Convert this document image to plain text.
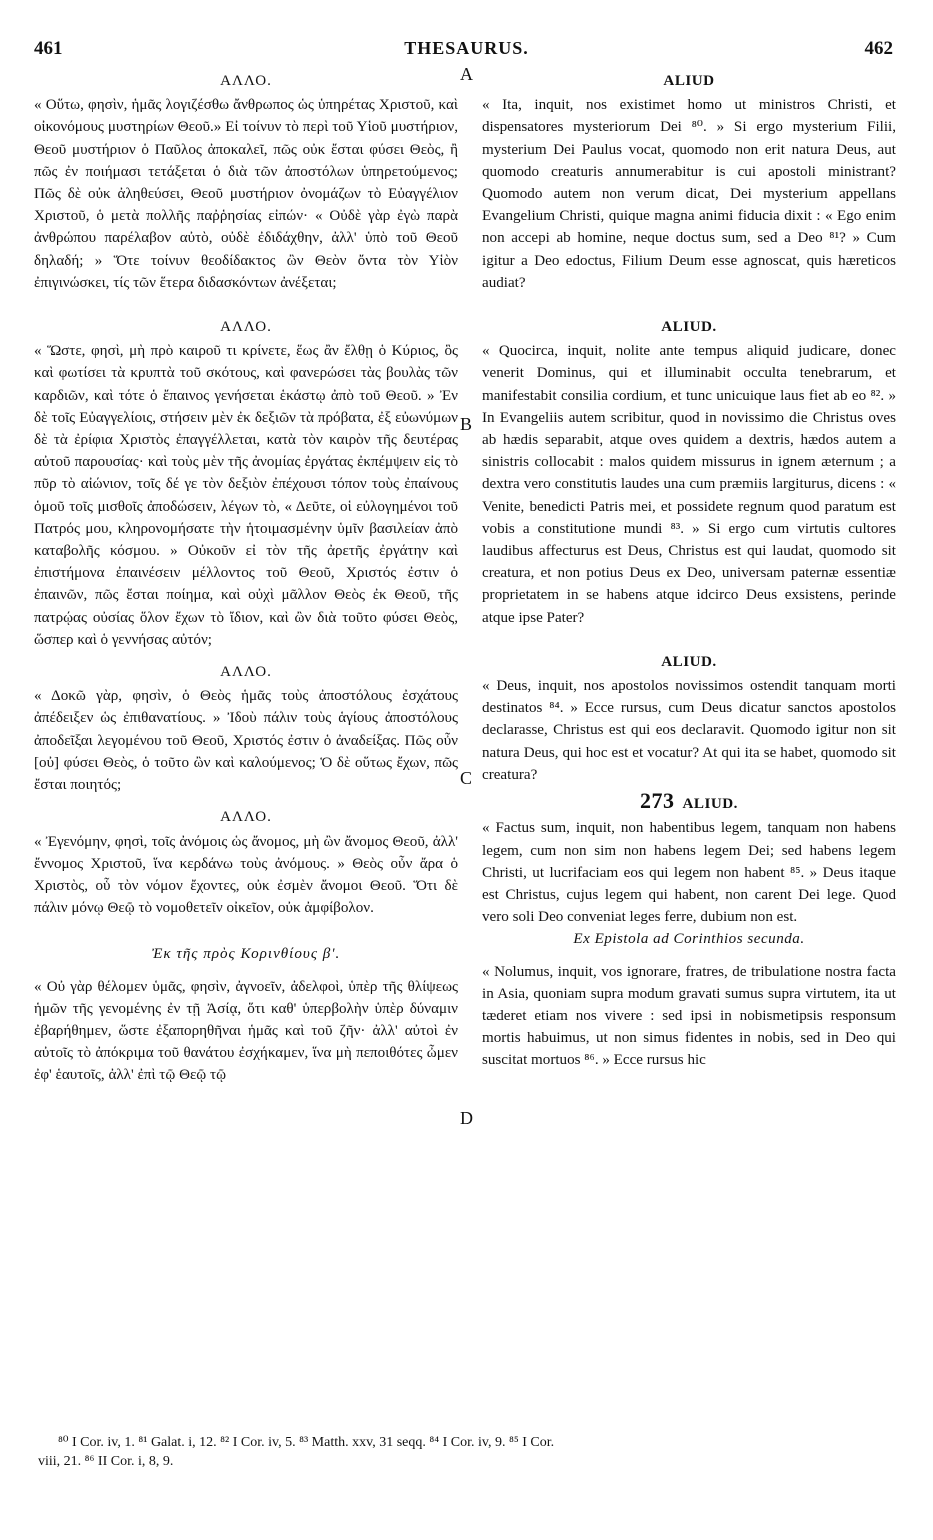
461	THESAURUS.	462
ΑΛΛΟ.

« Οὕτω, φησὶν, ἡμᾶς λογιζέσθω ἄνθρωπος ὡς ὑπηρέτας Χριστοῦ, καὶ οἰκονόμους μυστηρίων Θεοῦ.» Εἰ τοίνυν τὸ περὶ τοῦ Υἱοῦ μυστήριον, Θεοῦ μυστήριον ὁ Παῦλος ἀποκαλεῖ, πῶς οὐκ ἔσται φύσει Θεὸς, ἢ πῶς ἐν ποιήμασι τετάξεται ὁ διὰ τῶν ἀποστόλων ὑπηρετούμενος; Πῶς δὲ οὐκ ἀληθεύσει, Θεοῦ μυστήριον ὀνομάζων τὸ Εὐαγγέλιον Χριστοῦ, ὁ μετὰ πολλῆς παῤῥησίας εἰπών· « Οὐδὲ γὰρ ἐγὼ παρὰ ἀνθρώπου παρέλαβον αὐτὸ, οὐδὲ ἐδιδάχθην, ἀλλ' ὑπὸ τοῦ Θεοῦ δηλαδή; » Ὅτε τοίνυν θεοδίδακτος ὢν Θεὸν ὄντα τὸν Υἱὸν ἐπιγινώσκει, τίς τῶν ἕτερα διδασκόντων ἀνέξεται;

ΑΛΛΟ.

« Ὥστε, φησὶ, μὴ πρὸ καιροῦ τι κρίνετε, ἕως ἂν ἔλθῃ ὁ Κύριος, ὃς καὶ φωτίσει τὰ κρυπτὰ τοῦ σκότους, καὶ φανερώσει τὰς βουλὰς τῶν καρδιῶν, καὶ τότε ὁ ἔπαινος γενήσεται ἑκάστῳ ἀπὸ τοῦ Θεοῦ. » Ἐν δὲ τοῖς Εὐαγγελίοις, στήσειν μὲν ἐκ δεξιῶν τὰ πρόβατα, ἐξ εὐωνύμων δὲ τὰ ἐρίφια Χριστὸς ἐπαγγέλλεται, κατὰ τὸν καιρὸν τῆς δευτέρας αὐτοῦ παρουσίας· καὶ τοὺς μὲν τῆς ἀνομίας ἐργάτας ἐκπέμψειν εἰς τὸ πῦρ τὸ αἰώνιον, τοῖς δέ γε τὸν δεξιὸν ἐπέχουσι τόπον τοὺς ἐπαίνους ὁμοῦ τοῖς μισθοῖς ἀποδώσειν, λέγων τὸ, « Δεῦτε, οἱ εὐλογημένοι τοῦ Πατρός μου, κληρονομήσατε τὴν ἡτοιμασμένην ὑμῖν βασιλείαν ἀπὸ καταβολῆς κόσμου. » Οὐκοῦν εἰ τὸν τῆς ἀρετῆς ἐργάτην καὶ ἐπιστήμονα ἐπαινέσειν μέλλοντος τοῦ Θεοῦ, Χριστός ἐστιν ὁ ἐπαινῶν, πῶς ἔσται ποίημα, καὶ οὐχὶ μᾶλλον Θεὸς ἐκ Θεοῦ, τῆς πατρῴας οὐσίας ὅλον ἔχων τὸ ἴδιον, καὶ ὢν διὰ τοῦτο φύσει Θεὸς, ὥσπερ καὶ ὁ γεννήσας αὐτόν;

ΑΛΛΟ.

« Δοκῶ γὰρ, φησὶν, ὁ Θεὸς ἡμᾶς τοὺς ἀποστόλους ἐσχάτους ἀπέδειξεν ὡς ἐπιθανατίους. » Ἰδοὺ πάλιν τοὺς ἁγίους ἀποστόλους ἀποδεῖξαι λεγομένου τοῦ Θεοῦ, Χριστός ἐστιν ὁ ἀναδείξας. Πῶς οὖν [οὐ] φύσει Θεὸς, ὁ τοῦτο ὢν καὶ καλούμενος; Ὁ δὲ οὕτως ἔχων, πῶς ἔσται ποιητός;

ΑΛΛΟ.

« Ἐγενόμην, φησὶ, τοῖς ἀνόμοις ὡς ἄνομος, μὴ ὢν ἄνομος Θεοῦ, ἀλλ' ἔννομος Χριστοῦ, ἵνα κερδάνω τοὺς ἀνόμους. » Θεὸς οὖν ἄρα ὁ Χριστὸς, οὗ τὸν νόμον ἔχοντες, οὐκ ἐσμὲν ἄνομοι Θεοῦ. Ὅτι δὲ πάλιν μόνῳ Θεῷ τὸ νομοθετεῖν οἰκεῖον, οὐκ ἀμφίβολον.

Ἐκ τῆς πρὸς Κορινθίους β'.

« Οὐ γὰρ θέλομεν ὑμᾶς, φησὶν, ἀγνοεῖν, ἀδελφοὶ, ὑπὲρ τῆς θλίψεως ἡμῶν τῆς γενομένης ἐν τῇ Ἀσίᾳ, ὅτι καθ' ὑπερβολὴν ὑπὲρ δύναμιν ἐβαρήθημεν, ὥστε ἐξαπορηθῆναι ἡμᾶς καὶ τοῦ ζῆν· ἀλλ' αὐτοὶ ἐν αὐτοῖς τὸ ἀπόκριμα τοῦ θανάτου ἐσχήκαμεν, ἵνα μὴ πεποιθότες ὦμεν ἐφ' ἑαυτοῖς, ἀλλ' ἐπὶ τῷ Θεῷ τῷ

ALIUD

« Ita, inquit, nos existimet homo ut ministros Christi, et dispensatores mysteriorum Dei ⁸⁰. » Si ergo mysterium Filii, mysterium Dei Paulus vocat, quomodo non erit natura Deus, aut quomodo creaturis annumerabitur is cui apostoli ministrant? Quomodo autem non verum dicat, Dei mysterium appellans Evangelium Christi, quique magna animi fiducia dixit : « Ego enim non accepi ab homine, neque doctus sum, sed a Deo ⁸¹? » Cum igitur a Deo edoctus, Filium Deum esse agnoscat, quis hæreticos audiat?

ALIUD.

« Quocirca, inquit, nolite ante tempus aliquid judicare, donec venerit Dominus, qui et illuminabit occulta tenebrarum, et manifestabit consilia cordium, et tunc unicuique laus fiet ab eo ⁸². » In Evangeliis autem scribitur, quod in novissimo die Christus oves ab hædis separabit, atque oves quidem a dextris, hædos autem a sinistris collocabit : malos quidem missurus in ignem æternum ; a dextra vero constitutis laudes una cum præmiis largiturus, dicens : « Venite, benedicti Patris mei, et possidete regnum quod paratum est vobis a constitutione mundi ⁸³. » Si ergo cum virtutis cultores laudibus affecturus est Deus, Christus est qui laudat, quomodo sit creatura, et non potius Deus ex Deo, universam paternæ essentiæ proprietatem in se habens atque idcirco Deus exsistens, perinde atque ipse Pater?

ALIUD.

« Deus, inquit, nos apostolos novissimos ostendit tanquam morti destinatos ⁸⁴. » Ecce rursus, cum Deus dicatur sanctos apostolos declarasse, Christus est qui eos declaravit. Quomodo igitur non sit natura Deus, qui hoc est et vocatur? At qui ita se habet, quomodo sit creatura?

273 ALIUD.

« Factus sum, inquit, non habentibus legem, tanquam non habens legem, cum non sim non habens legem Dei; sed habens legem Christi, ut lucrifaciam eos qui legem non habent ⁸⁵. » Deus itaque est Christus, cujus legem qui habent, non carent Dei lege. Quod vero soli Deo conveniat leges ferre, dubium non est.

Ex Epistola ad Corinthios secunda.

« Nolumus, inquit, vos ignorare, fratres, de tribulatione nostra facta in Asia, quoniam supra modum gravati sumus supra virtutem, ita ut tæderet etiam nos vivere : sed ipsi in nobismetipsis responsum mortis habuimus, ut non simus fidentes in nobis, sed in Deo qui suscitat mortuos ⁸⁶. » Ecce rursus hic

A
B
C
D
⁸⁰ I Cor. iv, 1. ⁸¹ Galat. i, 12. ⁸² I Cor. iv, 5. ⁸³ Matth. xxv, 31 seqq. ⁸⁴ I Cor. iv, 9. ⁸⁵ I Cor.
viii, 21. ⁸⁶ II Cor. i, 8, 9.
